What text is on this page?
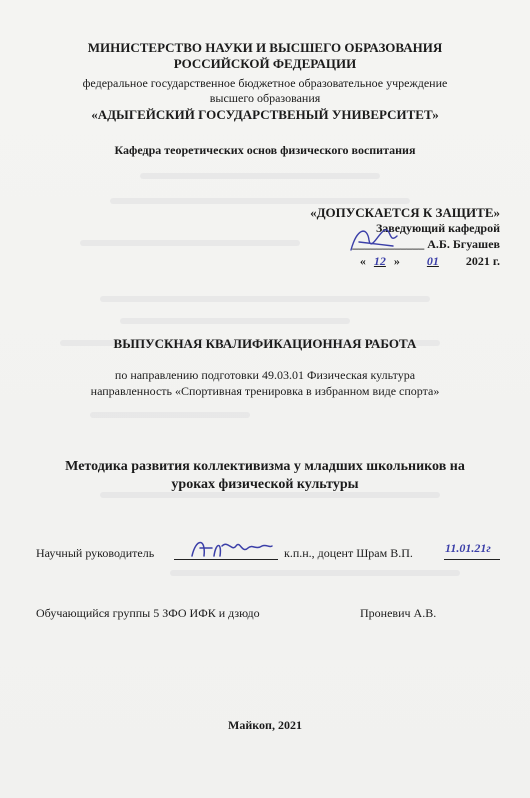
МИНИСТЕРСТВО НАУКИ И ВЫСШЕГО ОБРАЗОВАНИЯ
РОССИЙСКОЙ ФЕДЕРАЦИИ
федеральное государственное бюджетное образовательное учреждение
высшего образования
«АДЫГЕЙСКИЙ ГОСУДАРСТВЕНЫЙ УНИВЕРСИТЕТ»
Кафедра теоретических основ физического воспитания
«ДОПУСКАЕТСЯ К ЗАЩИТЕ»
Заведующий кафедрой
____________ А.Б. Бгуашев
« 12 » 01 2021 г.
ВЫПУСКНАЯ КВАЛИФИКАЦИОННАЯ РАБОТА
по направлению подготовки 49.03.01 Физическая культура
направленность «Спортивная тренировка в избранном виде спорта»
Методика развития коллективизма у младших школьников на
уроках физической культуры
Научный руководитель	к.п.н., доцент Шрам В.П.	11.01.21г
Обучающийся группы 5 ЗФО ИФК и дзюдо	Проневич А.В.
Майкоп, 2021
